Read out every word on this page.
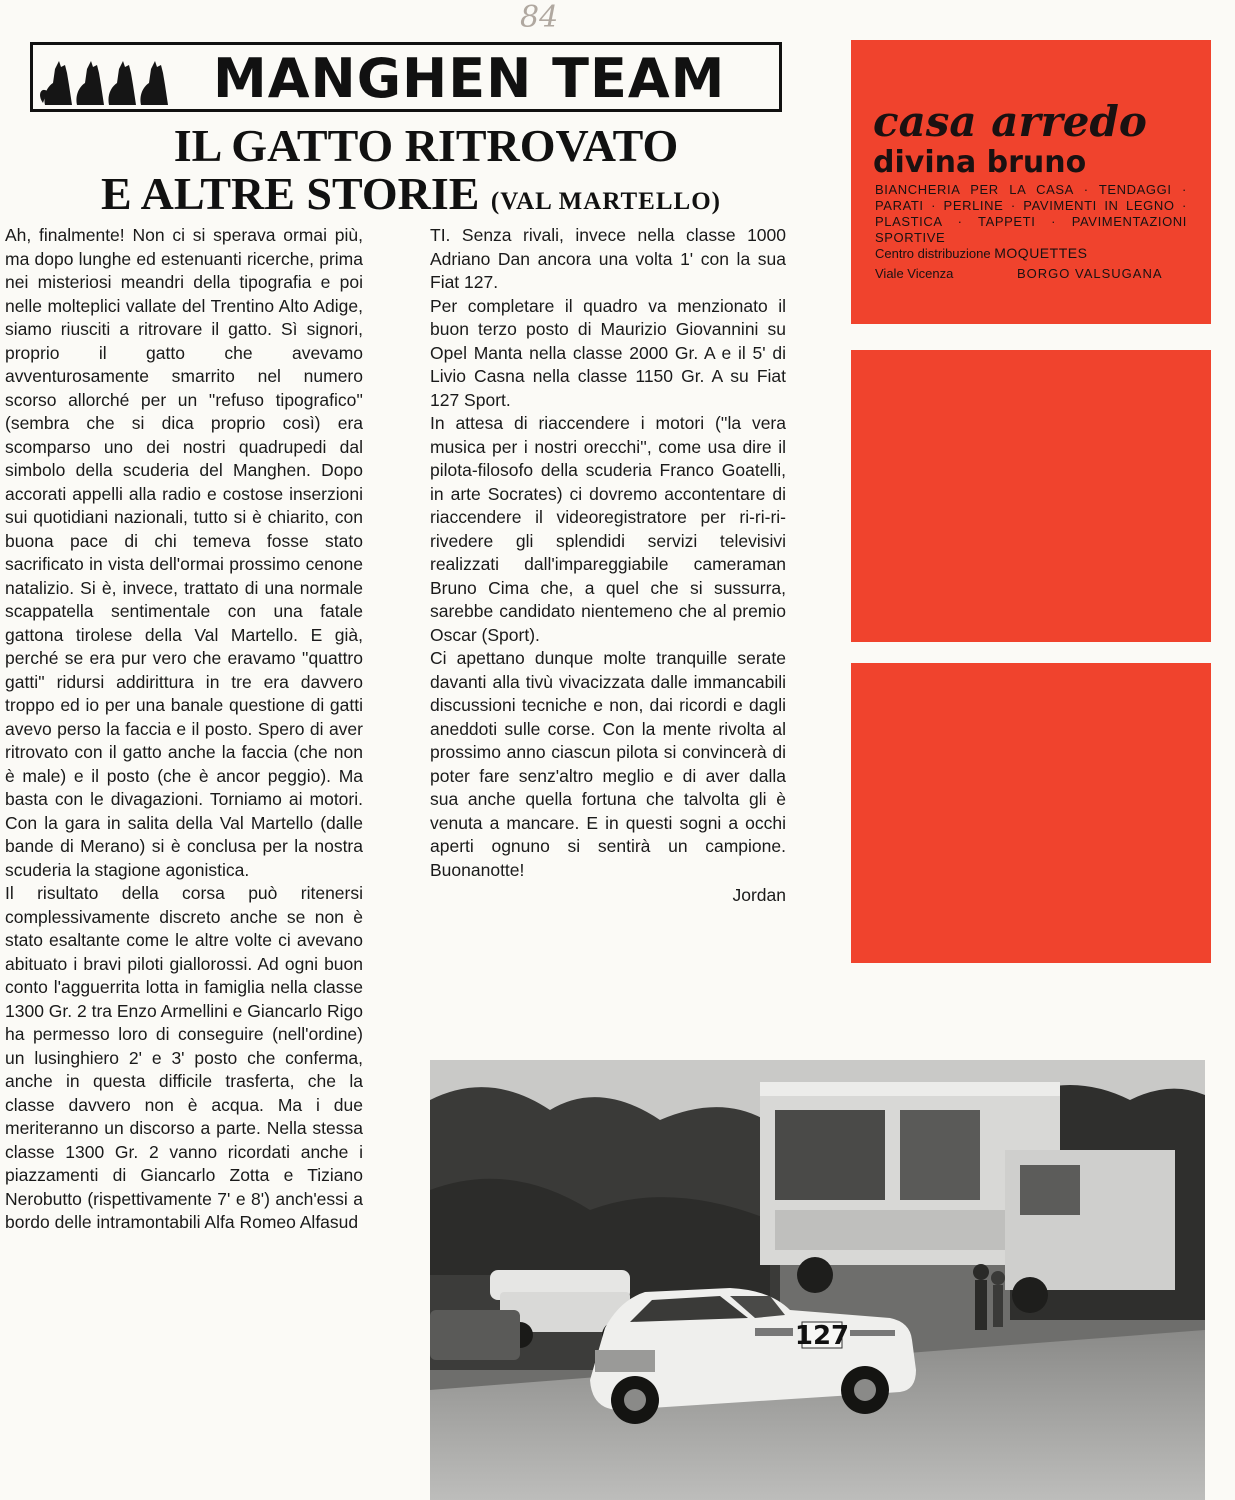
84
MANGHEN TEAM
IL GATTO RITROVATO
E ALTRE STORIE (VAL MARTELLO)

Ah, finalmente! Non ci si sperava ormai più, ma dopo lunghe ed estenuanti ricerche, prima nei misteriosi meandri della tipografia e poi nelle molteplici vallate del Trentino Alto Adige, siamo riusciti a ritrovare il gatto. Sì signori, proprio il gatto che avevamo avventurosamente smarrito nel numero scorso allorché per un ''refuso tipografico'' (sembra che si dica proprio così) era scomparso uno dei nostri quadrupedi dal simbolo della scuderia del Manghen. Dopo accorati appelli alla radio e costose inserzioni sui quotidiani nazionali, tutto si è chiarito, con buona pace di chi temeva fosse stato sacrificato in vista dell'ormai prossimo cenone natalizio. Si è, invece, trattato di una normale scappatella sentimentale con una fatale gattona tirolese della Val Martello. E già, perché se era pur vero che eravamo ''quattro gatti'' ridursi addirittura in tre era davvero troppo ed io per una banale questione di gatti avevo perso la faccia e il posto. Spero di aver ritrovato con il gatto anche la faccia (che non è male) e il posto (che è ancor peggio). Ma basta con le divagazioni. Torniamo ai motori. Con la gara in salita della Val Martello (dalle bande di Merano) si è conclusa per la nostra scuderia la stagione agonistica.

Il risultato della corsa può ritenersi complessivamente discreto anche se non è stato esaltante come le altre volte ci avevano abituato i bravi piloti giallorossi. Ad ogni buon conto l'agguerrita lotta in famiglia nella classe 1300 Gr. 2 tra Enzo Armellini e Giancarlo Rigo ha permesso loro di conseguire (nell'ordine) un lusinghiero 2' e 3' posto che conferma, anche in questa difficile trasferta, che la classe davvero non è acqua. Ma i due meriteranno un discorso a parte. Nella stessa classe 1300 Gr. 2 vanno ricordati anche i piazzamenti di Giancarlo Zotta e Tiziano Nerobutto (rispettivamente 7' e 8') anch'essi a bordo delle intramontabili Alfa Romeo Alfasud

TI. Senza rivali, invece nella classe 1000 Adriano Dan ancora una volta 1' con la sua Fiat 127.

Per completare il quadro va menzionato il buon terzo posto di Maurizio Giovannini su Opel Manta nella classe 2000 Gr. A e il 5' di Livio Casna nella classe 1150 Gr. A su Fiat 127 Sport.

In attesa di riaccendere i motori (''la vera musica per i nostri orecchi'', come usa dire il pilota-filosofo della scuderia Franco Goatelli, in arte Socrates) ci dovremo accontentare di riaccendere il videoregistratore per ri-ri-ri-rivedere gli splendidi servizi televisivi realizzati dall'impareggiabile cameraman Bruno Cima che, a quel che si sussurra, sarebbe candidato nientemeno che al premio Oscar (Sport).

Ci apettano dunque molte tranquille serate davanti alla tivù vivacizzata dalle immancabili discussioni tecniche e non, dai ricordi e dagli aneddoti sulle corse. Con la mente rivolta al prossimo anno ciascun pilota si convincerà di poter fare senz'altro meglio e di aver dalla sua anche quella fortuna che talvolta gli è venuta a mancare. E in questi sogni a occhi aperti ognuno si sentirà un campione. Buonanotte!

Jordan

casa arredo
divina bruno
BIANCHERIA PER LA CASA · TENDAGGI · PARATI · PERLINE · PAVIMENTI IN LEGNO · PLASTICA · TAPPETI · PAVIMENTAZIONI SPORTIVE
Centro distribuzione MOQUETTES
Viale Vicenza	BORGO VALSUGANA
127
